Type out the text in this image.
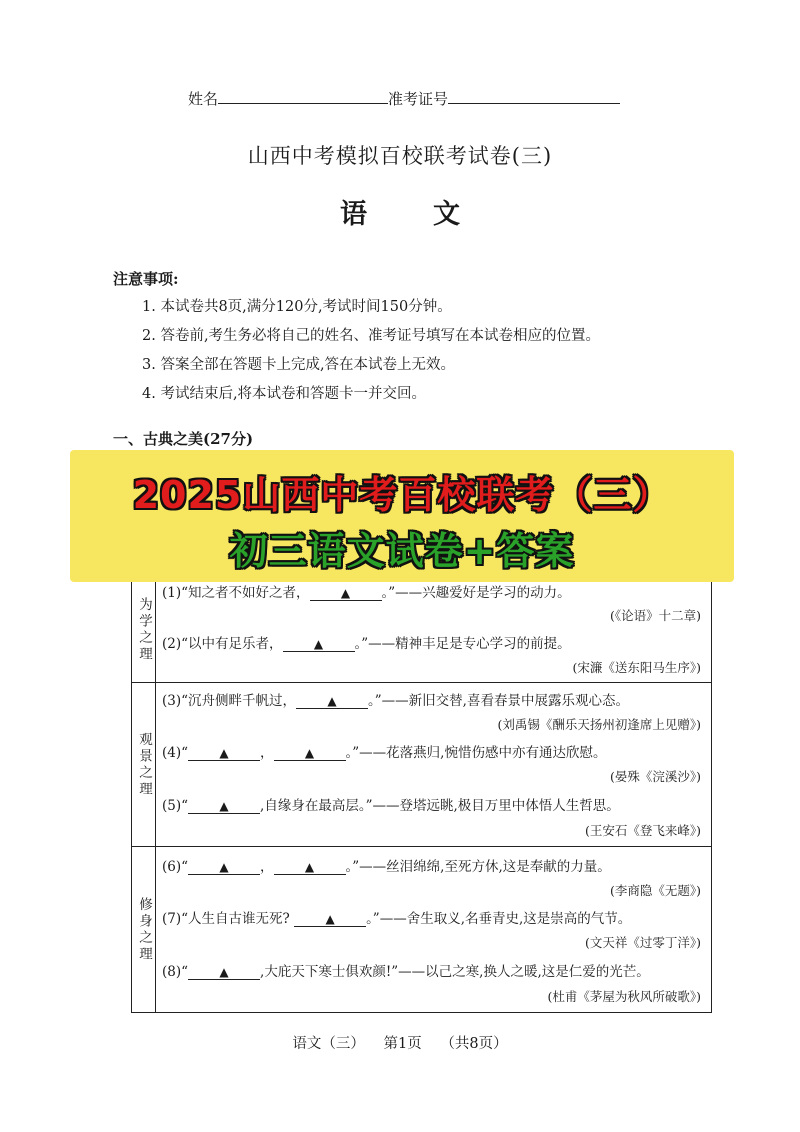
姓名	准考证号
山西中考模拟百校联考试卷(三)
语文
注意事项:
1. 本试卷共8页,满分120分,考试时间150分钟。
2. 答卷前,考生务必将自己的姓名、准考证号填写在本试卷相应的位置。
3. 答案全部在答题卡上完成,答在本试卷上无效。
4. 考试结束后,将本试卷和答题卡一并交回。
一、古典之美(27分)
为学之理
(1)“知之者不如好之者，	▲ 。”——兴趣爱好是学习的动力。
(《论语》十二章)
(2)“以中有足乐者，	▲ 。”——精神丰足是专心学习的前提。
(宋濂《送东阳马生序》)
观景之理
(3)“沉舟侧畔千帆过，	▲ 。”——新旧交替,喜看春景中展露乐观心态。
(刘禹锡《酬乐天扬州初逢席上见赠》)
(4)“	▲ ，	▲ 。”——花落燕归,惋惜伤感中亦有通达欣慰。
(晏殊《浣溪沙》)
(5)“	▲ ,自缘身在最高层。”——登塔远眺,极目万里中体悟人生哲思。
(王安石《登飞来峰》)
修身之理
(6)“	▲ ，	▲ 。”——丝泪绵绵,至死方休,这是奉献的力量。
(李商隐《无题》)
(7)“人生自古谁无死?	▲ 。”——舍生取义,名垂青史,这是崇高的气节。
(文天祥《过零丁洋》)
(8)“	▲ ,大庇天下寒士俱欢颜!”——以己之寒,换人之暖,这是仁爱的光芒。
(杜甫《茅屋为秋风所破歌》)
2025山西中考百校联考（三）
初三语文试卷+答案
语文（三） 第1页 （共8页）
